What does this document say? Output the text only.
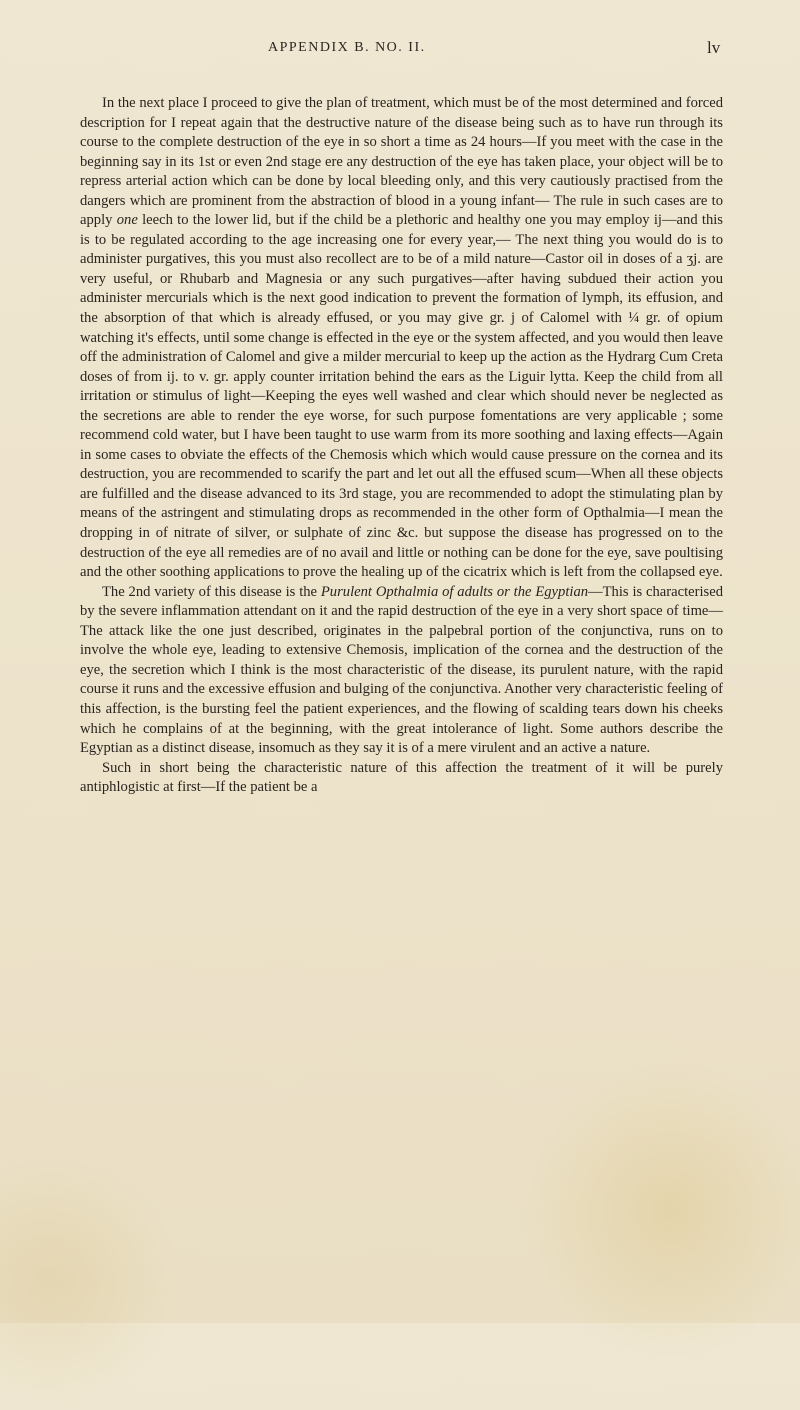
APPENDIX B. NO. II.	lv

In the next place I proceed to give the plan of treatment, which must be of the most determined and forced description for I repeat again that the destructive nature of the disease being such as to have run through its course to the complete destruction of the eye in so short a time as 24 hours—If you meet with the case in the beginning say in its 1st or even 2nd stage ere any destruction of the eye has taken place, your object will be to repress arterial action which can be done by local bleeding only, and this very cautiously practised from the dangers which are prominent from the abstraction of blood in a young infant— The rule in such cases are to apply one leech to the lower lid, but if the child be a plethoric and healthy one you may employ ij—and this is to be regulated according to the age increasing one for every year,— The next thing you would do is to administer purgatives, this you must also recollect are to be of a mild nature—Castor oil in doses of a ʒj. are very useful, or Rhubarb and Magnesia or any such purgatives—after having subdued their action you administer mercurials which is the next good indication to prevent the formation of lymph, its effusion, and the absorption of that which is already effused, or you may give gr. j of Calomel with ¼ gr. of opium watching it's effects, until some change is effected in the eye or the system affected, and you would then leave off the administration of Calomel and give a milder mercurial to keep up the action as the Hydrarg Cum Creta doses of from ij. to v. gr. apply counter irritation behind the ears as the Liguir lytta. Keep the child from all irritation or stimulus of light—Keeping the eyes well washed and clear which should never be neglected as the secretions are able to render the eye worse, for such purpose fomentations are very applicable ; some recommend cold water, but I have been taught to use warm from its more soothing and laxing effects—Again in some cases to obviate the effects of the Chemosis which which would cause pressure on the cornea and its destruction, you are recommended to scarify the part and let out all the effused scum—When all these objects are fulfilled and the disease advanced to its 3rd stage, you are recommended to adopt the stimulating plan by means of the astringent and stimulating drops as recommended in the other form of Opthalmia—I mean the dropping in of nitrate of silver, or sulphate of zinc &c. but suppose the disease has progressed on to the destruction of the eye all remedies are of no avail and little or nothing can be done for the eye, save poultising and the other soothing applications to prove the healing up of the cicatrix which is left from the collapsed eye.

The 2nd variety of this disease is the Purulent Opthalmia of adults or the Egyptian—This is characterised by the severe inflammation attendant on it and the rapid destruction of the eye in a very short space of time— The attack like the one just described, originates in the palpebral portion of the conjunctiva, runs on to involve the whole eye, leading to extensive Chemosis, implication of the cornea and the destruction of the eye, the secretion which I think is the most characteristic of the disease, its purulent nature, with the rapid course it runs and the excessive effusion and bulging of the conjunctiva. Another very characteristic feeling of this affection, is the bursting feel the patient experiences, and the flowing of scalding tears down his cheeks which he complains of at the beginning, with the great intolerance of light. Some authors describe the Egyptian as a distinct disease, insomuch as they say it is of a mere virulent and an active a nature.

Such in short being the characteristic nature of this affection the treatment of it will be purely antiphlogistic at first—If the patient be a
